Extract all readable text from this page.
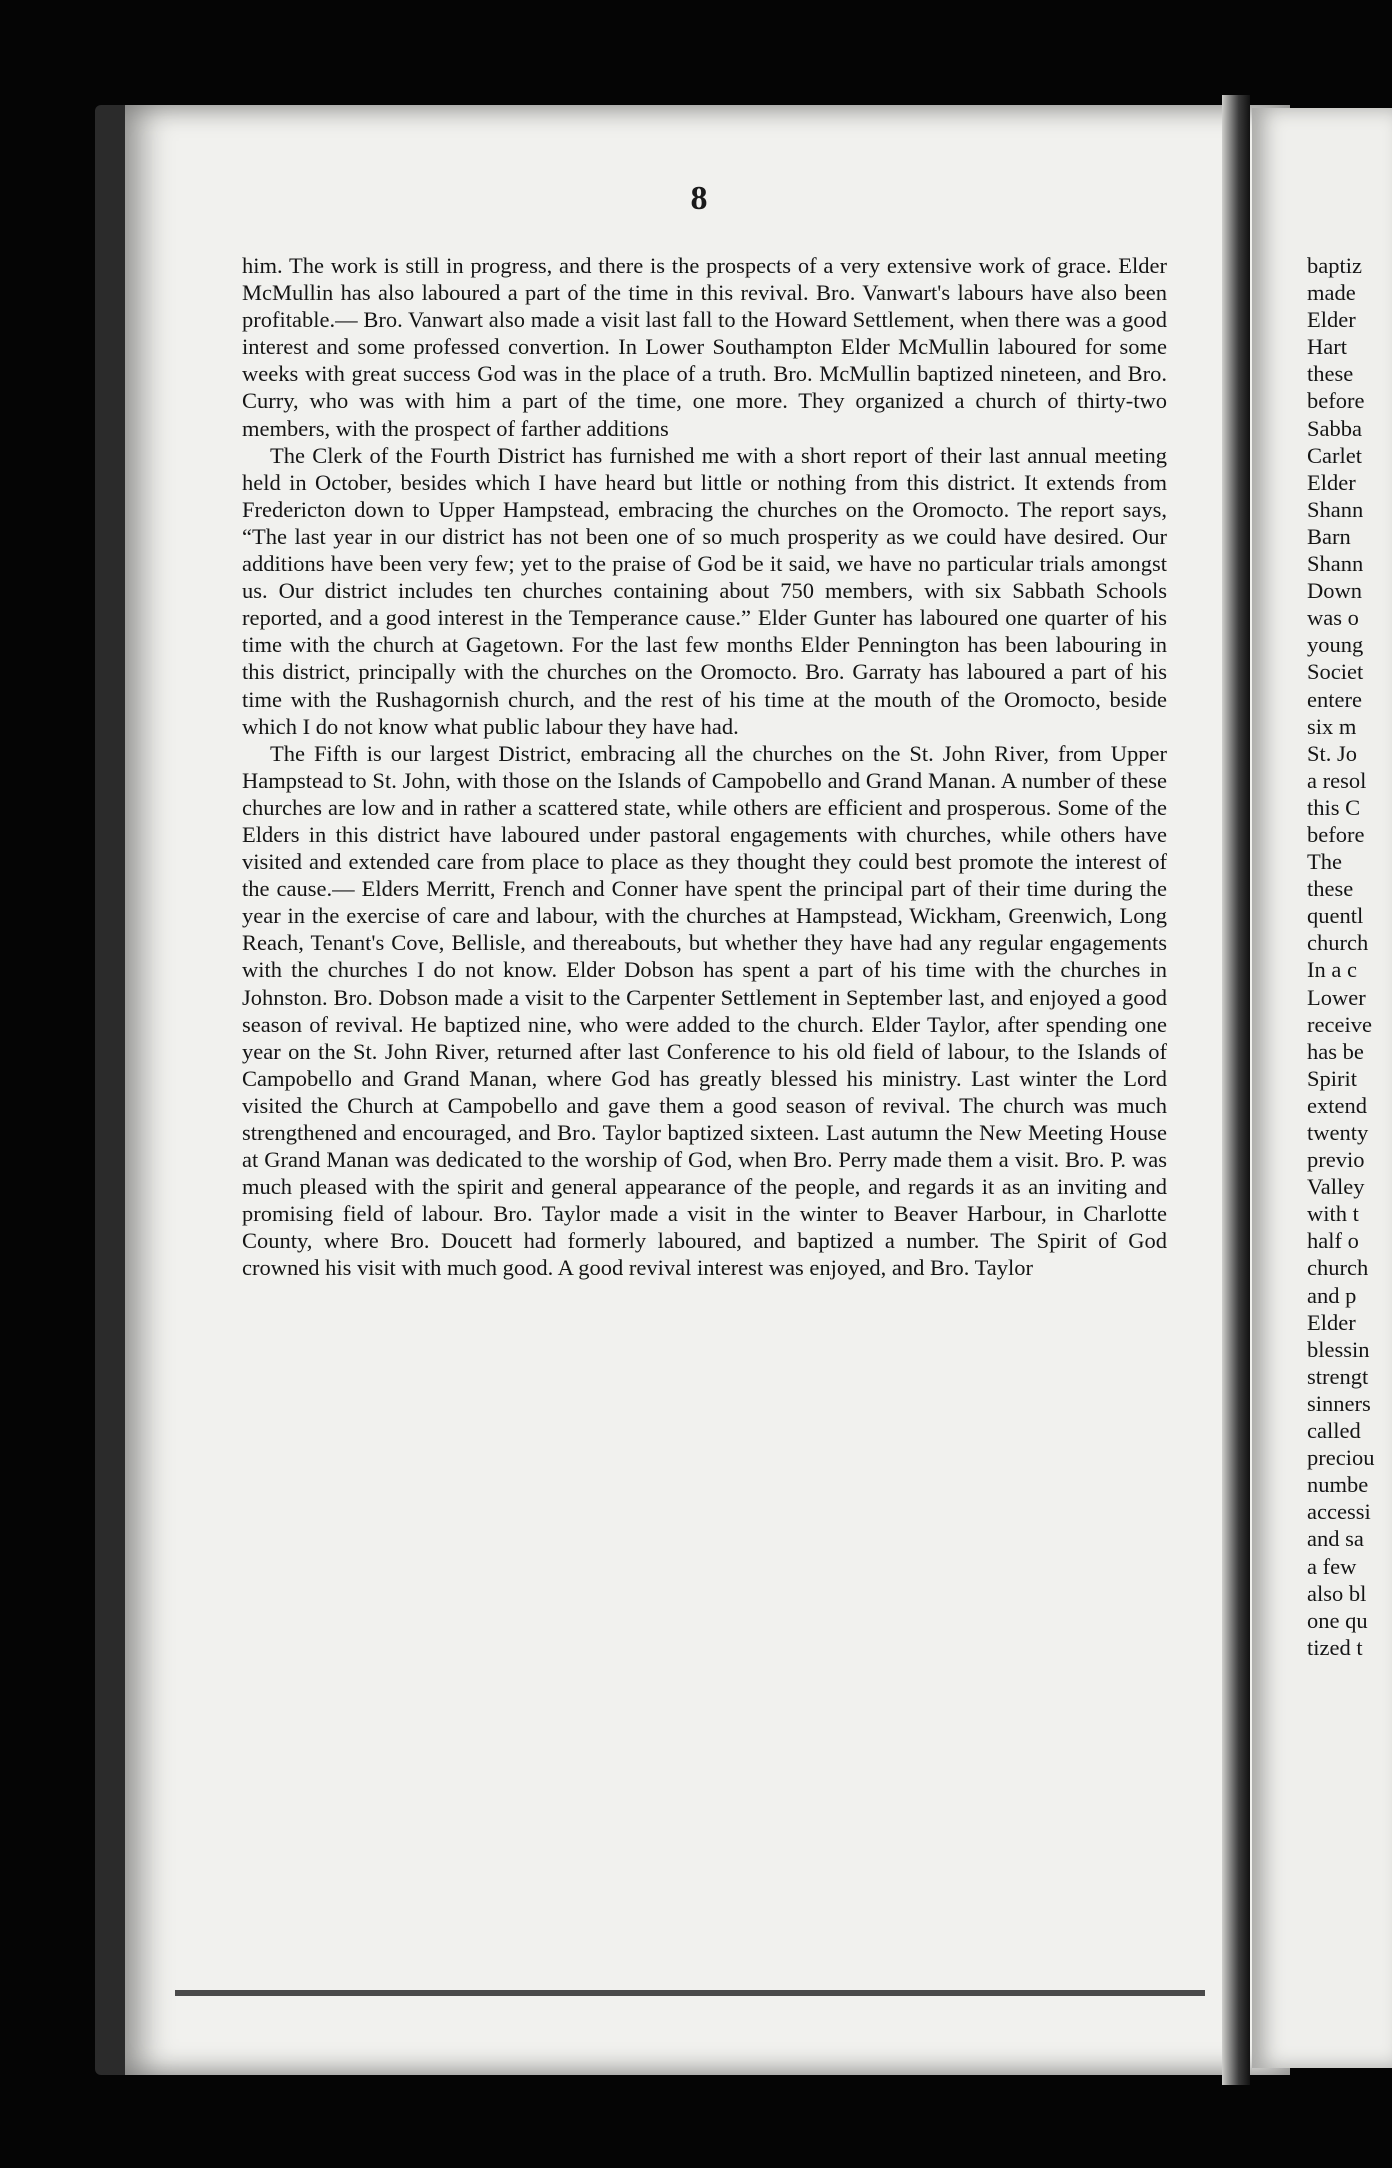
8

him. The work is still in progress, and there is the prospects of a very extensive work of grace. Elder McMullin has also laboured a part of the time in this revival. Bro. Vanwart's labours have also been profitable.— Bro. Vanwart also made a visit last fall to the Howard Settlement, when there was a good interest and some professed convertion. In Lower Southampton Elder McMullin laboured for some weeks with great success God was in the place of a truth. Bro. McMullin baptized nineteen, and Bro. Curry, who was with him a part of the time, one more. They organized a church of thirty-two members, with the prospect of farther additions

The Clerk of the Fourth District has furnished me with a short report of their last annual meeting held in October, besides which I have heard but little or nothing from this district. It extends from Fredericton down to Upper Hampstead, embracing the churches on the Oromocto. The report says, “The last year in our district has not been one of so much prosperity as we could have desired. Our additions have been very few; yet to the praise of God be it said, we have no particular trials amongst us. Our district includes ten churches containing about 750 members, with six Sabbath Schools reported, and a good interest in the Temperance cause.” Elder Gunter has laboured one quarter of his time with the church at Gagetown. For the last few months Elder Pennington has been labouring in this district, principally with the churches on the Oromocto. Bro. Garraty has laboured a part of his time with the Rushagornish church, and the rest of his time at the mouth of the Oromocto, beside which I do not know what public labour they have had.

The Fifth is our largest District, embracing all the churches on the St. John River, from Upper Hampstead to St. John, with those on the Islands of Campobello and Grand Manan. A number of these churches are low and in rather a scattered state, while others are efficient and prosperous. Some of the Elders in this district have laboured under pastoral engagements with churches, while others have visited and extended care from place to place as they thought they could best promote the interest of the cause.— Elders Merritt, French and Conner have spent the principal part of their time during the year in the exercise of care and labour, with the churches at Hampstead, Wickham, Greenwich, Long Reach, Tenant's Cove, Bellisle, and thereabouts, but whether they have had any regular engagements with the churches I do not know. Elder Dobson has spent a part of his time with the churches in Johnston. Bro. Dobson made a visit to the Carpenter Settlement in September last, and enjoyed a good season of revival. He baptized nine, who were added to the church. Elder Taylor, after spending one year on the St. John River, returned after last Conference to his old field of labour, to the Islands of Campobello and Grand Manan, where God has greatly blessed his ministry. Last winter the Lord visited the Church at Campobello and gave them a good season of revival. The church was much strengthened and encouraged, and Bro. Taylor baptized sixteen. Last autumn the New Meeting House at Grand Manan was dedicated to the worship of God, when Bro. Perry made them a visit. Bro. P. was much pleased with the spirit and general appearance of the people, and regards it as an inviting and promising field of labour. Bro. Taylor made a visit in the winter to Beaver Harbour, in Charlotte County, where Bro. Doucett had formerly laboured, and baptized a number. The Spirit of God crowned his visit with much good. A good revival interest was enjoyed, and Bro. Taylor

baptiz
made
Elder
Hart
these
before
Sabba
Carlet
Elder
Shann
Barn
Shann
Down
was o
young
Societ
entere
six m
St. Jo
a resol
this C
before
The
these
quentl
church
In a c
Lower
receive
has be
Spirit
extend
twenty
previo
Valley
with t
half o
church
and p
Elder
blessin
strengt
sinners
called
preciou
numbe
accessi
and sa
a few
also bl
one qu
tized t
